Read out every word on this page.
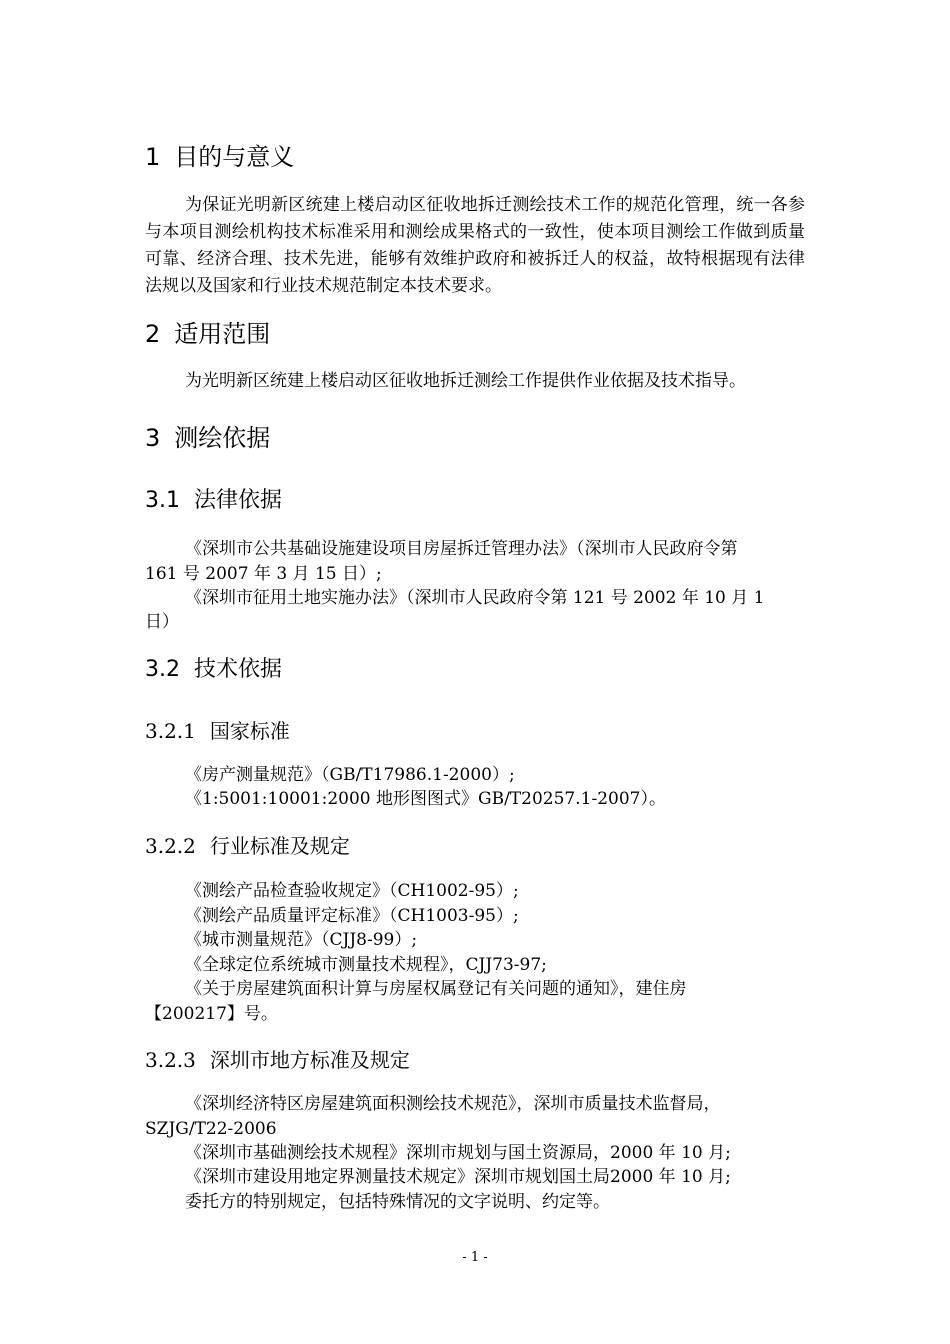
1 目的与意义

为保证光明新区统建上楼启动区征收地拆迁测绘技术工作的规范化管理，统一各参与本项目测绘机构技术标准采用和测绘成果格式的一致性，使本项目测绘工作做到质量可靠、经济合理、技术先进，能够有效维护政府和被拆迁人的权益，故特根据现有法律法规以及国家和行业技术规范制定本技术要求。

2 适用范围

为光明新区统建上楼启动区征收地拆迁测绘工作提供作业依据及技术指导。

3 测绘依据
3.1 法律依据

《深圳市公共基础设施建设项目房屋拆迁管理办法》（深圳市人民政府令第

161 号 2007 年 3 月 15 日）;

《深圳市征用土地实施办法》（深圳市人民政府令第 121 号 2002 年 10 月 1

日）

3.2 技术依据
3.2.1 国家标准

《房产测量规范》（GB/T17986.1-2000）;

《1:5001:10001:2000 地形图图式》GB/T20257.1-2007）。

3.2.2 行业标准及规定

《测绘产品检查验收规定》（CH1002-95）;

《测绘产品质量评定标准》（CH1003-95）;

《城市测量规范》（CJJ8-99）;

《全球定位系统城市测量技术规程》，CJJ73-97;

《关于房屋建筑面积计算与房屋权属登记有关问题的通知》，建住房

【200217】号。

3.2.3 深圳市地方标准及规定

《深圳经济特区房屋建筑面积测绘技术规范》，深圳市质量技术监督局，

SZJG/T22-2006

《深圳市基础测绘技术规程》深圳市规划与国土资源局，2000 年 10 月;

《深圳市建设用地定界测量技术规定》深圳市规划国土局2000 年 10 月;

委托方的特别规定，包括特殊情况的文字说明、约定等。

- 1 -
